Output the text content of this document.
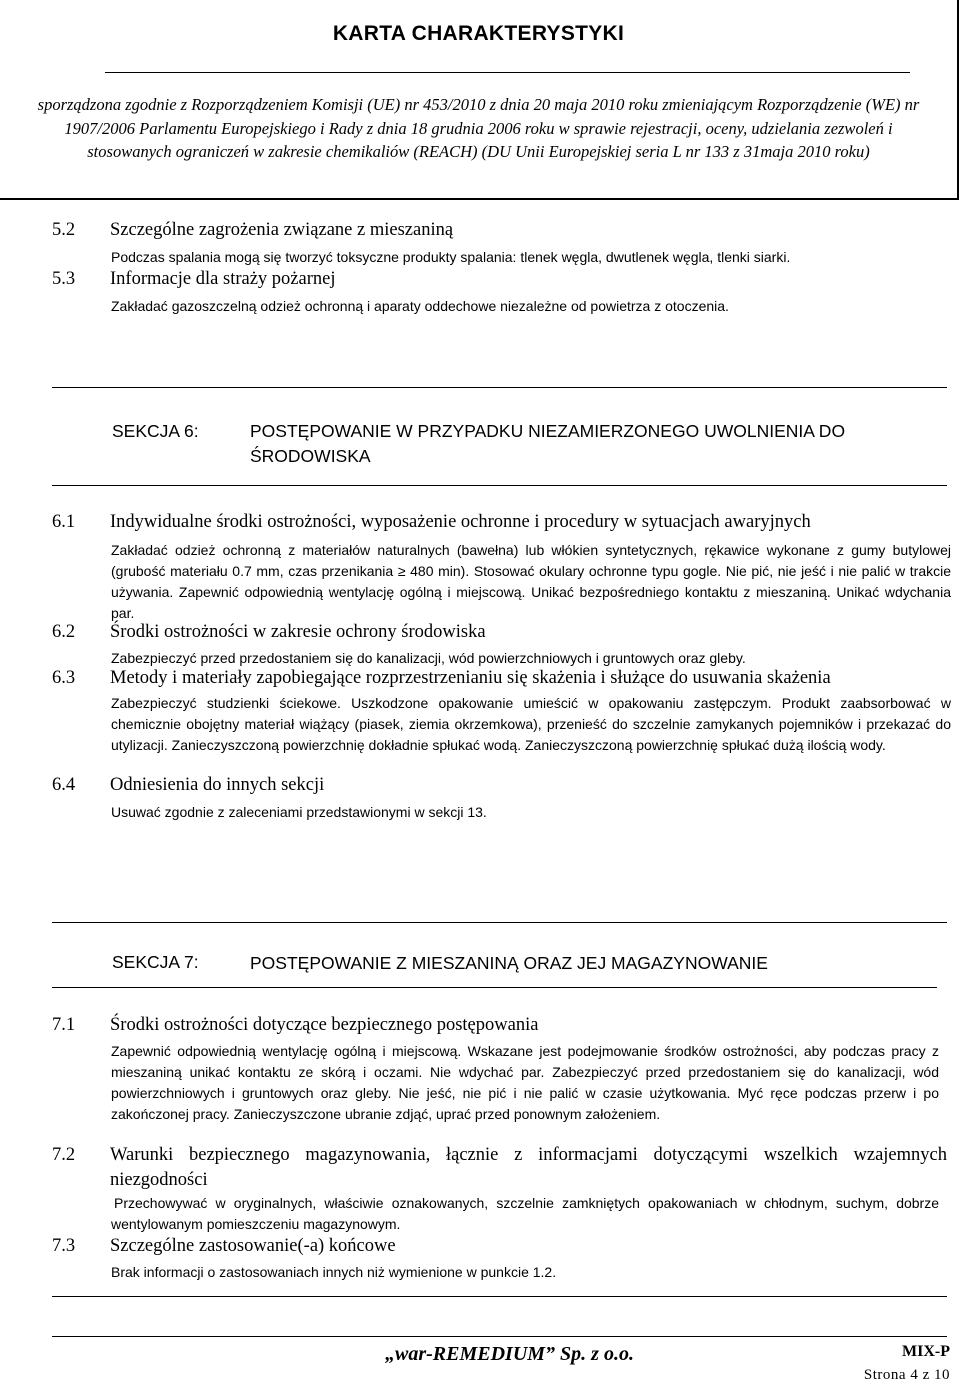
KARTA CHARAKTERYSTYKI
sporządzona zgodnie z Rozporządzeniem Komisji (UE) nr 453/2010 z dnia 20 maja 2010 roku zmieniającym Rozporządzenie (WE) nr 1907/2006 Parlamentu Europejskiego i Rady z dnia 18 grudnia 2006 roku w sprawie rejestracji, oceny, udzielania zezwoleń i stosowanych ograniczeń w zakresie chemikaliów (REACH) (DU Unii Europejskiej seria L nr 133 z 31maja 2010 roku)
5.2 Szczególne zagrożenia związane z mieszaniną
Podczas spalania mogą się tworzyć toksyczne produkty spalania: tlenek węgla, dwutlenek węgla, tlenki siarki.
5.3 Informacje dla straży pożarnej
Zakładać gazoszczelną odzież ochronną i aparaty oddechowe niezależne od powietrza z otoczenia.
SEKCJA 6:	POSTĘPOWANIE W PRZYPADKU NIEZAMIERZONEGO UWOLNIENIA DO ŚRODOWISKA
6.1 Indywidualne środki ostrożności, wyposażenie ochronne i procedury w sytuacjach awaryjnych
Zakładać odzież ochronną z materiałów naturalnych (bawełna) lub włókien syntetycznych, rękawice wykonane z gumy butylowej (grubość materiału 0.7 mm, czas przenikania ≥ 480 min). Stosować okulary ochronne typu gogle. Nie pić, nie jeść i nie palić w trakcie używania. Zapewnić odpowiednią wentylację ogólną i miejscową. Unikać bezpośredniego kontaktu z mieszaniną. Unikać wdychania par.
6.2 Środki ostrożności w zakresie ochrony środowiska
Zabezpieczyć przed przedostaniem się do kanalizacji, wód powierzchniowych i gruntowych oraz gleby.
6.3 Metody i materiały zapobiegające rozprzestrzenianiu się skażenia i służące do usuwania skażenia
Zabezpieczyć studzienki ściekowe. Uszkodzone opakowanie umieścić w opakowaniu zastępczym. Produkt zaabsorbować w chemicznie obojętny materiał wiążący (piasek, ziemia okrzemkowa), przenieść do szczelnie zamykanych pojemników i przekazać do utylizacji. Zanieczyszczoną powierzchnię dokładnie spłukać wodą. Zanieczyszczoną powierzchnię spłukać dużą ilością wody.
6.4 Odniesienia do innych sekcji
Usuwać zgodnie z zaleceniami przedstawionymi w sekcji 13.
SEKCJA 7:	POSTĘPOWANIE Z MIESZANINĄ ORAZ JEJ MAGAZYNOWANIE
7.1 Środki ostrożności dotyczące bezpiecznego postępowania
Zapewnić odpowiednią wentylację ogólną i miejscową. Wskazane jest podejmowanie środków ostrożności, aby podczas pracy z mieszaniną unikać kontaktu ze skórą i oczami. Nie wdychać par. Zabezpieczyć przed przedostaniem się do kanalizacji, wód powierzchniowych i gruntowych oraz gleby. Nie jeść, nie pić i nie palić w czasie użytkowania. Myć ręce podczas przerw i po zakończonej pracy. Zanieczyszczone ubranie zdjąć, uprać przed ponownym założeniem.
7.2 Warunki bezpiecznego magazynowania, łącznie z informacjami dotyczącymi wszelkich wzajemnych niezgodności
Przechowywać w oryginalnych, właściwie oznakowanych, szczelnie zamkniętych opakowaniach w chłodnym, suchym, dobrze wentylowanym pomieszczeniu magazynowym.
7.3 Szczególne zastosowanie(-a) końcowe
Brak informacji o zastosowaniach innych niż wymienione w punkcie 1.2.
„war-REMEDIUM” Sp. z o.o.	MIX-P
Strona 4 z 10
